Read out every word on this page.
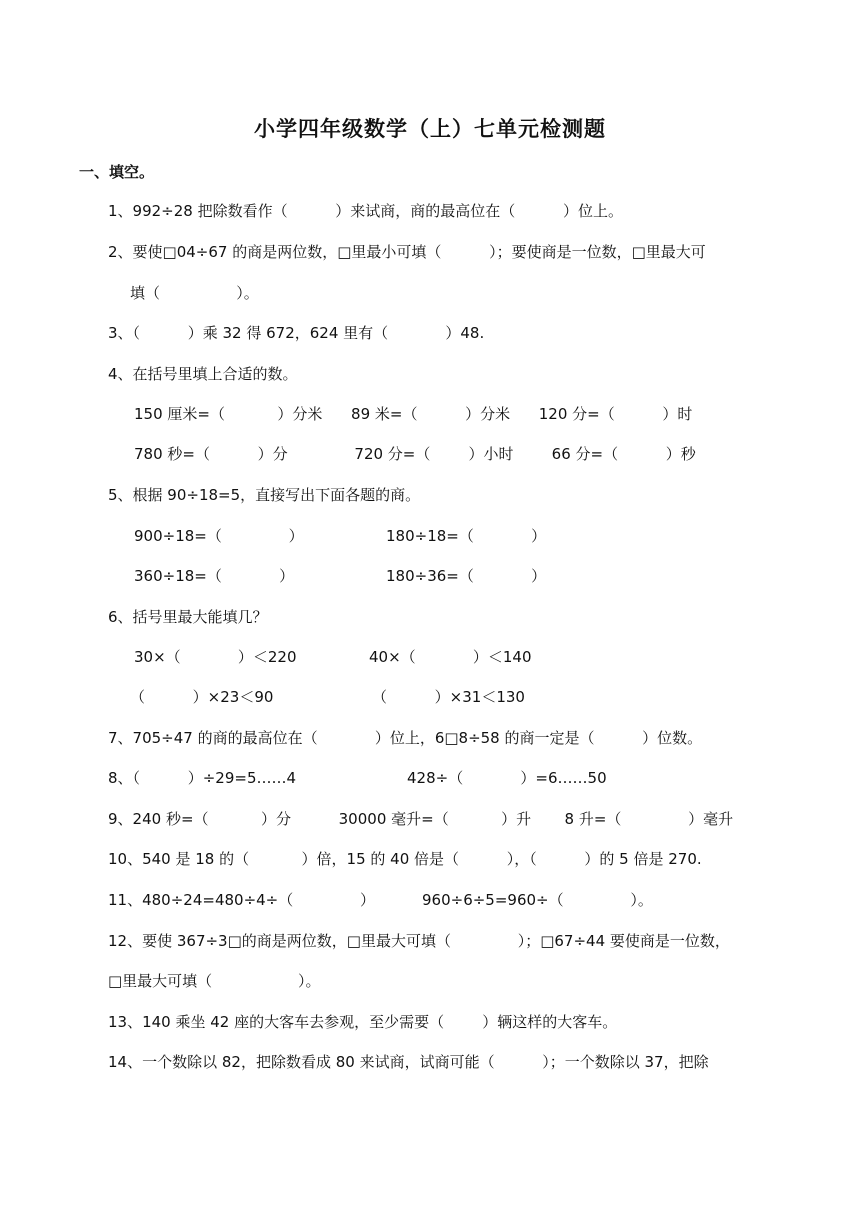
小学四年级数学（上）七单元检测题
一、填空。
1、992÷28 把除数看作（          ）来试商，商的最高位在（          ）位上。
2、要使□04÷67 的商是两位数，□里最小可填（          ）；要使商是一位数，□里最大可
填（                ）。
3、（          ）乘 32 得 672，624 里有（            ）48.
4、在括号里填上合适的数。
150 厘米=（           ）分米      89 米=（          ）分米      120 分=（          ）时
780 秒=（          ）分              720 分=（        ）小时        66 分=（          ）秒
5、根据 90÷18=5，直接写出下面各题的商。
900÷18=（              ）	180÷18=（            ）
360÷18=（            ）	180÷36=（            ）
6、括号里最大能填几？
30×（            ）＜220	40×（            ）＜140
（          ）×23＜90	（          ）×31＜130
7、705÷47 的商的最高位在（            ）位上，6□8÷58 的商一定是（          ）位数。
8、（          ）÷29=5……4	428÷（            ）=6……50
9、240 秒=（           ）分          30000 毫升=（           ）升       8 升=（              ）毫升
10、540 是 18 的（           ）倍，15 的 40 倍是（          ），（          ）的 5 倍是 270.
11、480÷24=480÷4÷（              ）	960÷6÷5=960÷（              ）。
12、要使 367÷3□的商是两位数，□里最大可填（              ）；□67÷44 要使商是一位数，
□里最大可填（                  ）。
13、140 乘坐 42 座的大客车去参观，至少需要（        ）辆这样的大客车。
14、一个数除以 82，把除数看成 80 来试商，试商可能（          ）；一个数除以 37，把除
